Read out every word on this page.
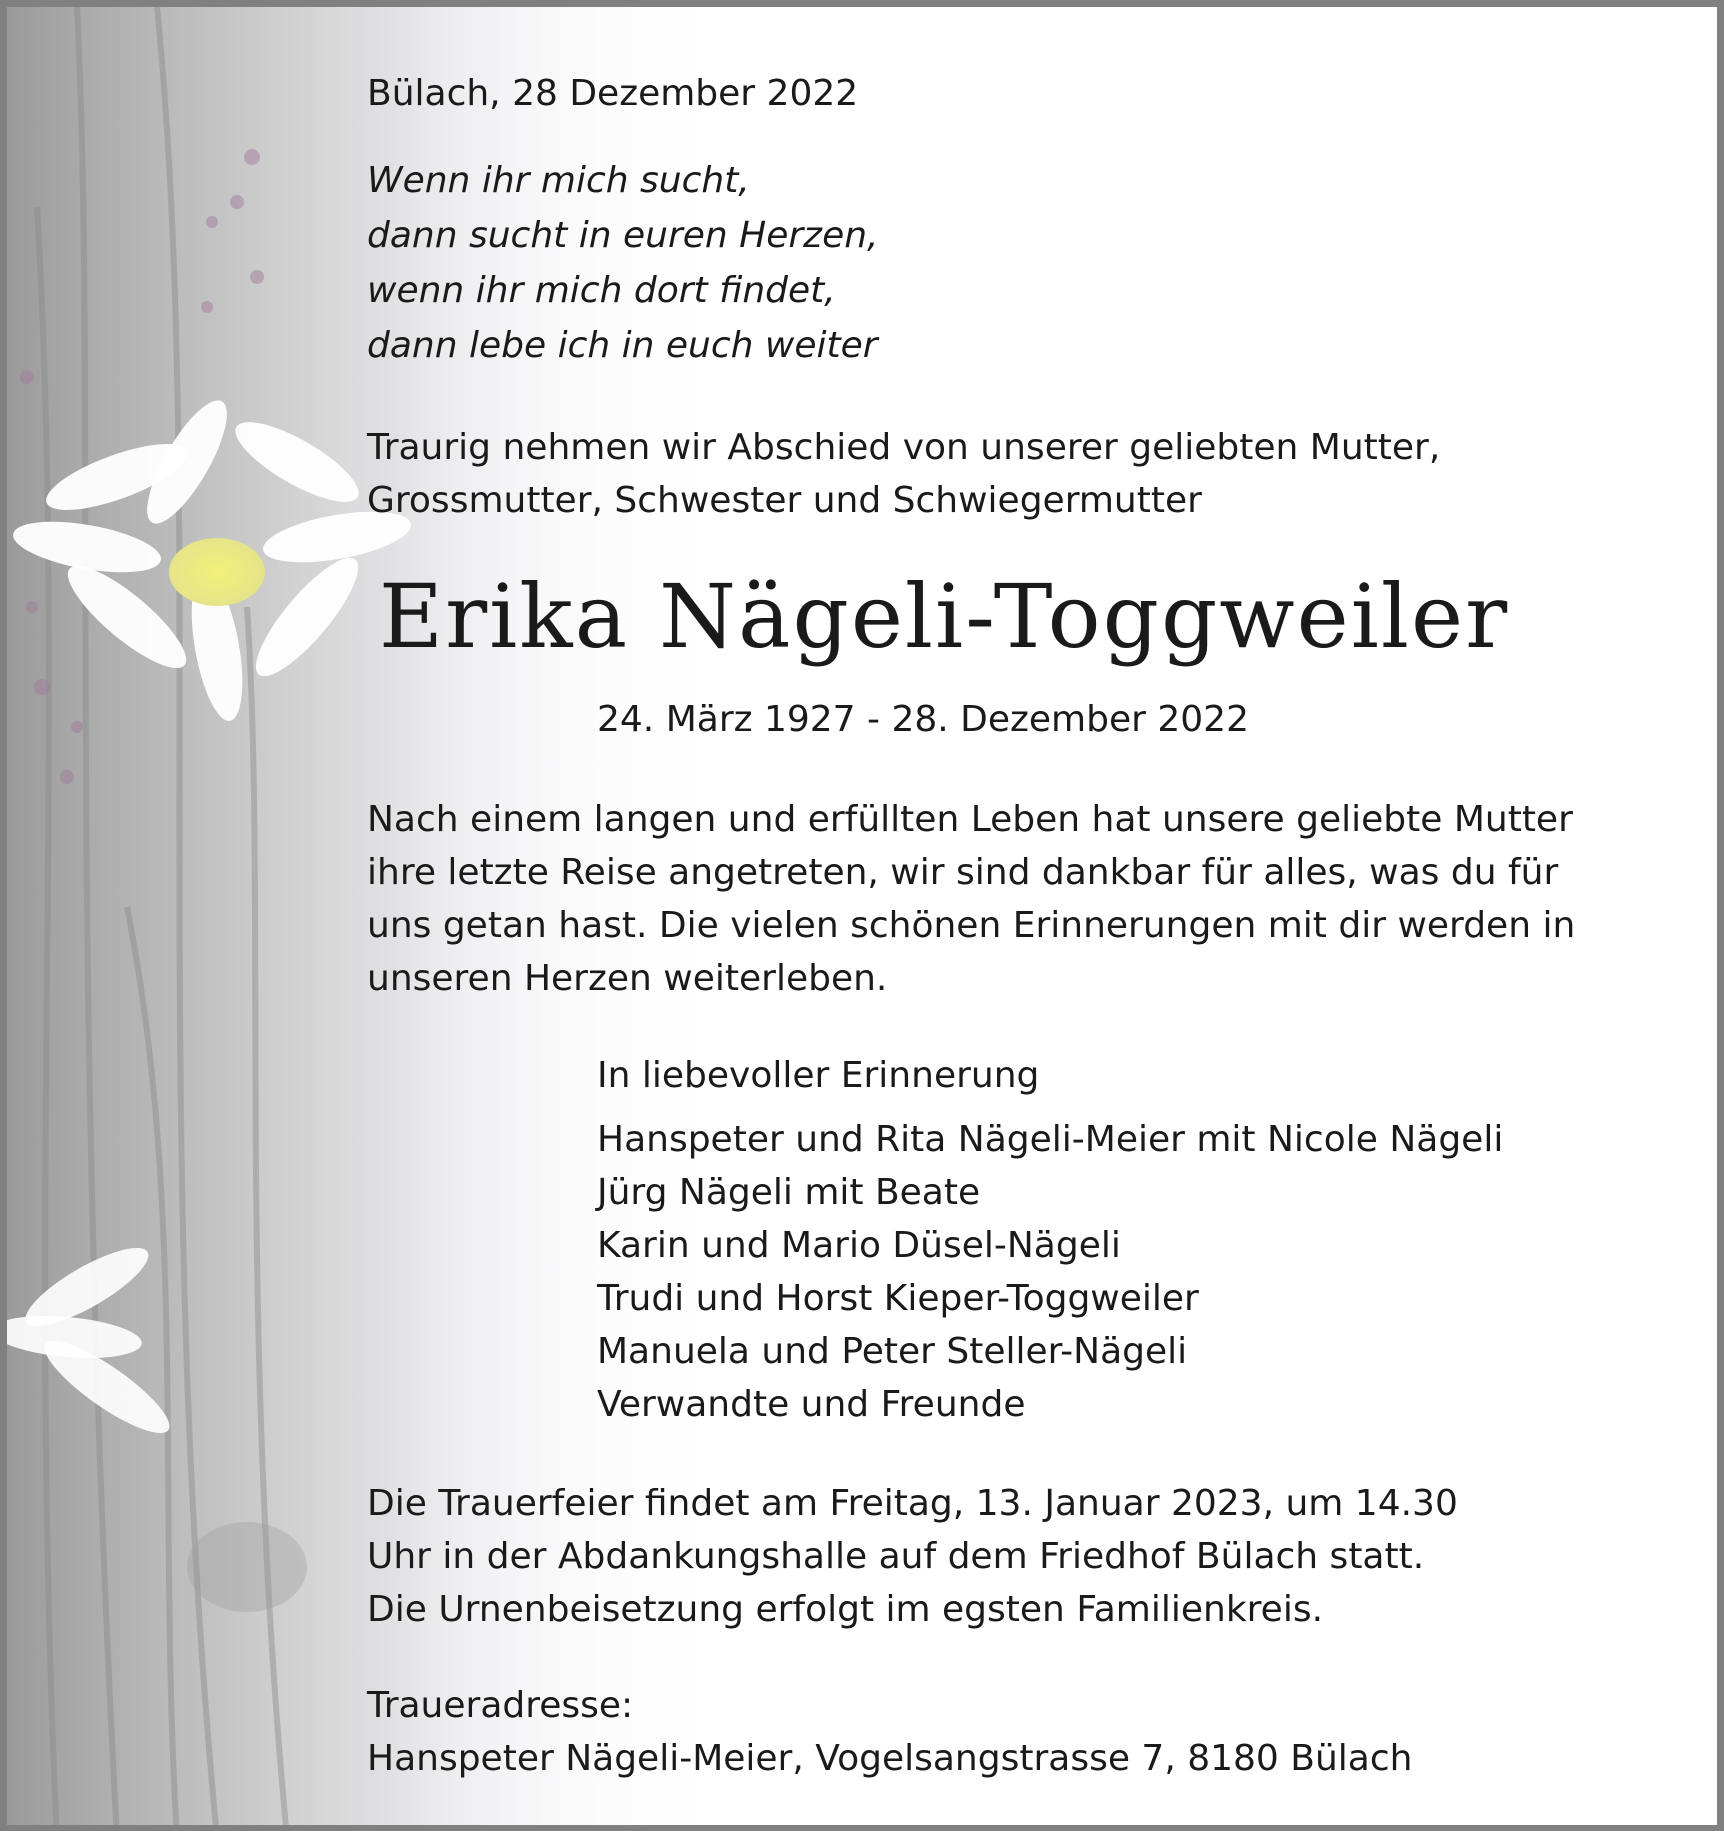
Bülach, 28 Dezember 2022
Wenn ihr mich sucht,
dann sucht in euren Herzen,
wenn ihr mich dort findet,
dann lebe ich in euch weiter
Traurig nehmen wir Abschied von unserer geliebten Mutter,
Grossmutter, Schwester und Schwiegermutter
Erika Nägeli-Toggweiler
24. März 1927 - 28. Dezember 2022
Nach einem langen und erfüllten Leben hat unsere geliebte Mutter
ihre letzte Reise angetreten, wir sind dankbar für alles, was du für
uns getan hast. Die vielen schönen Erinnerungen mit dir werden in
unseren Herzen weiterleben.
In liebevoller Erinnerung
Hanspeter und Rita Nägeli-Meier mit Nicole Nägeli
Jürg Nägeli mit Beate
Karin und Mario Düsel-Nägeli
Trudi und Horst Kieper-Toggweiler
Manuela und Peter Steller-Nägeli
Verwandte und Freunde
Die Trauerfeier findet am Freitag, 13. Januar 2023, um 14.30
Uhr in der Abdankungshalle auf dem Friedhof Bülach statt.
Die Urnenbeisetzung erfolgt im egsten Familienkreis.
Traueradresse:
Hanspeter Nägeli-Meier, Vogelsangstrasse 7, 8180 Bülach
